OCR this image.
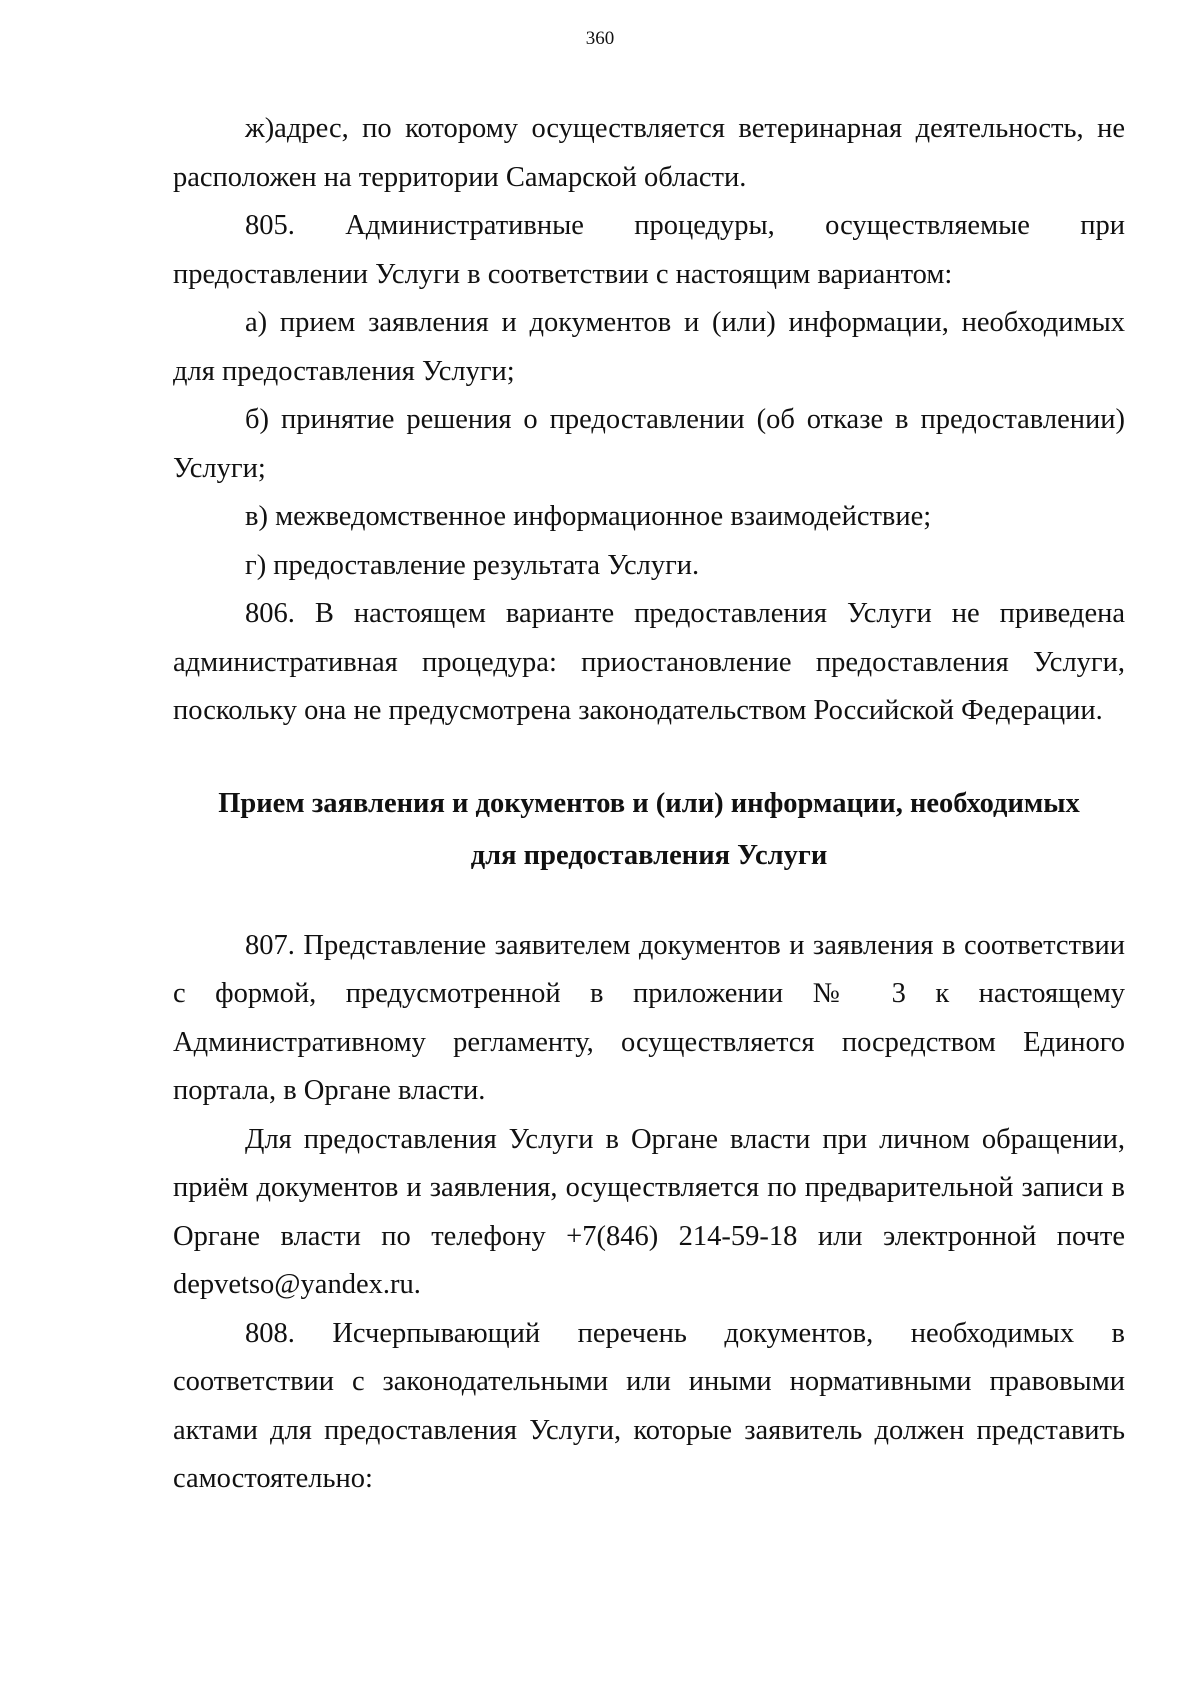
360

ж)адрес, по которому осуществляется ветеринарная деятельность, не расположен на территории Самарской области.

805. Административные процедуры, осуществляемые при предоставлении Услуги в соответствии с настоящим вариантом:

а) прием заявления и документов и (или) информации, необходимых для предоставления Услуги;

б) принятие решения о предоставлении (об отказе в предоставлении) Услуги;

в) межведомственное информационное взаимодействие;

г) предоставление результата Услуги.

806. В настоящем варианте предоставления Услуги не приведена административная процедура: приостановление предоставления Услуги, поскольку она не предусмотрена законодательством Российской Федерации.

Прием заявления и документов и (или) информации, необходимых
для предоставления Услуги

807. Представление заявителем документов и заявления в соответствии с формой, предусмотренной в приложении № 3 к настоящему Административному регламенту, осуществляется посредством Единого портала, в Органе власти.

Для предоставления Услуги в Органе власти при личном обращении, приём документов и заявления, осуществляется по предварительной записи в Органе власти по телефону +7(846) 214-59-18 или электронной почте depvetso@yandex.ru.

808. Исчерпывающий перечень документов, необходимых в соответствии с законодательными или иными нормативными правовыми актами для предоставления Услуги, которые заявитель должен представить самостоятельно:
